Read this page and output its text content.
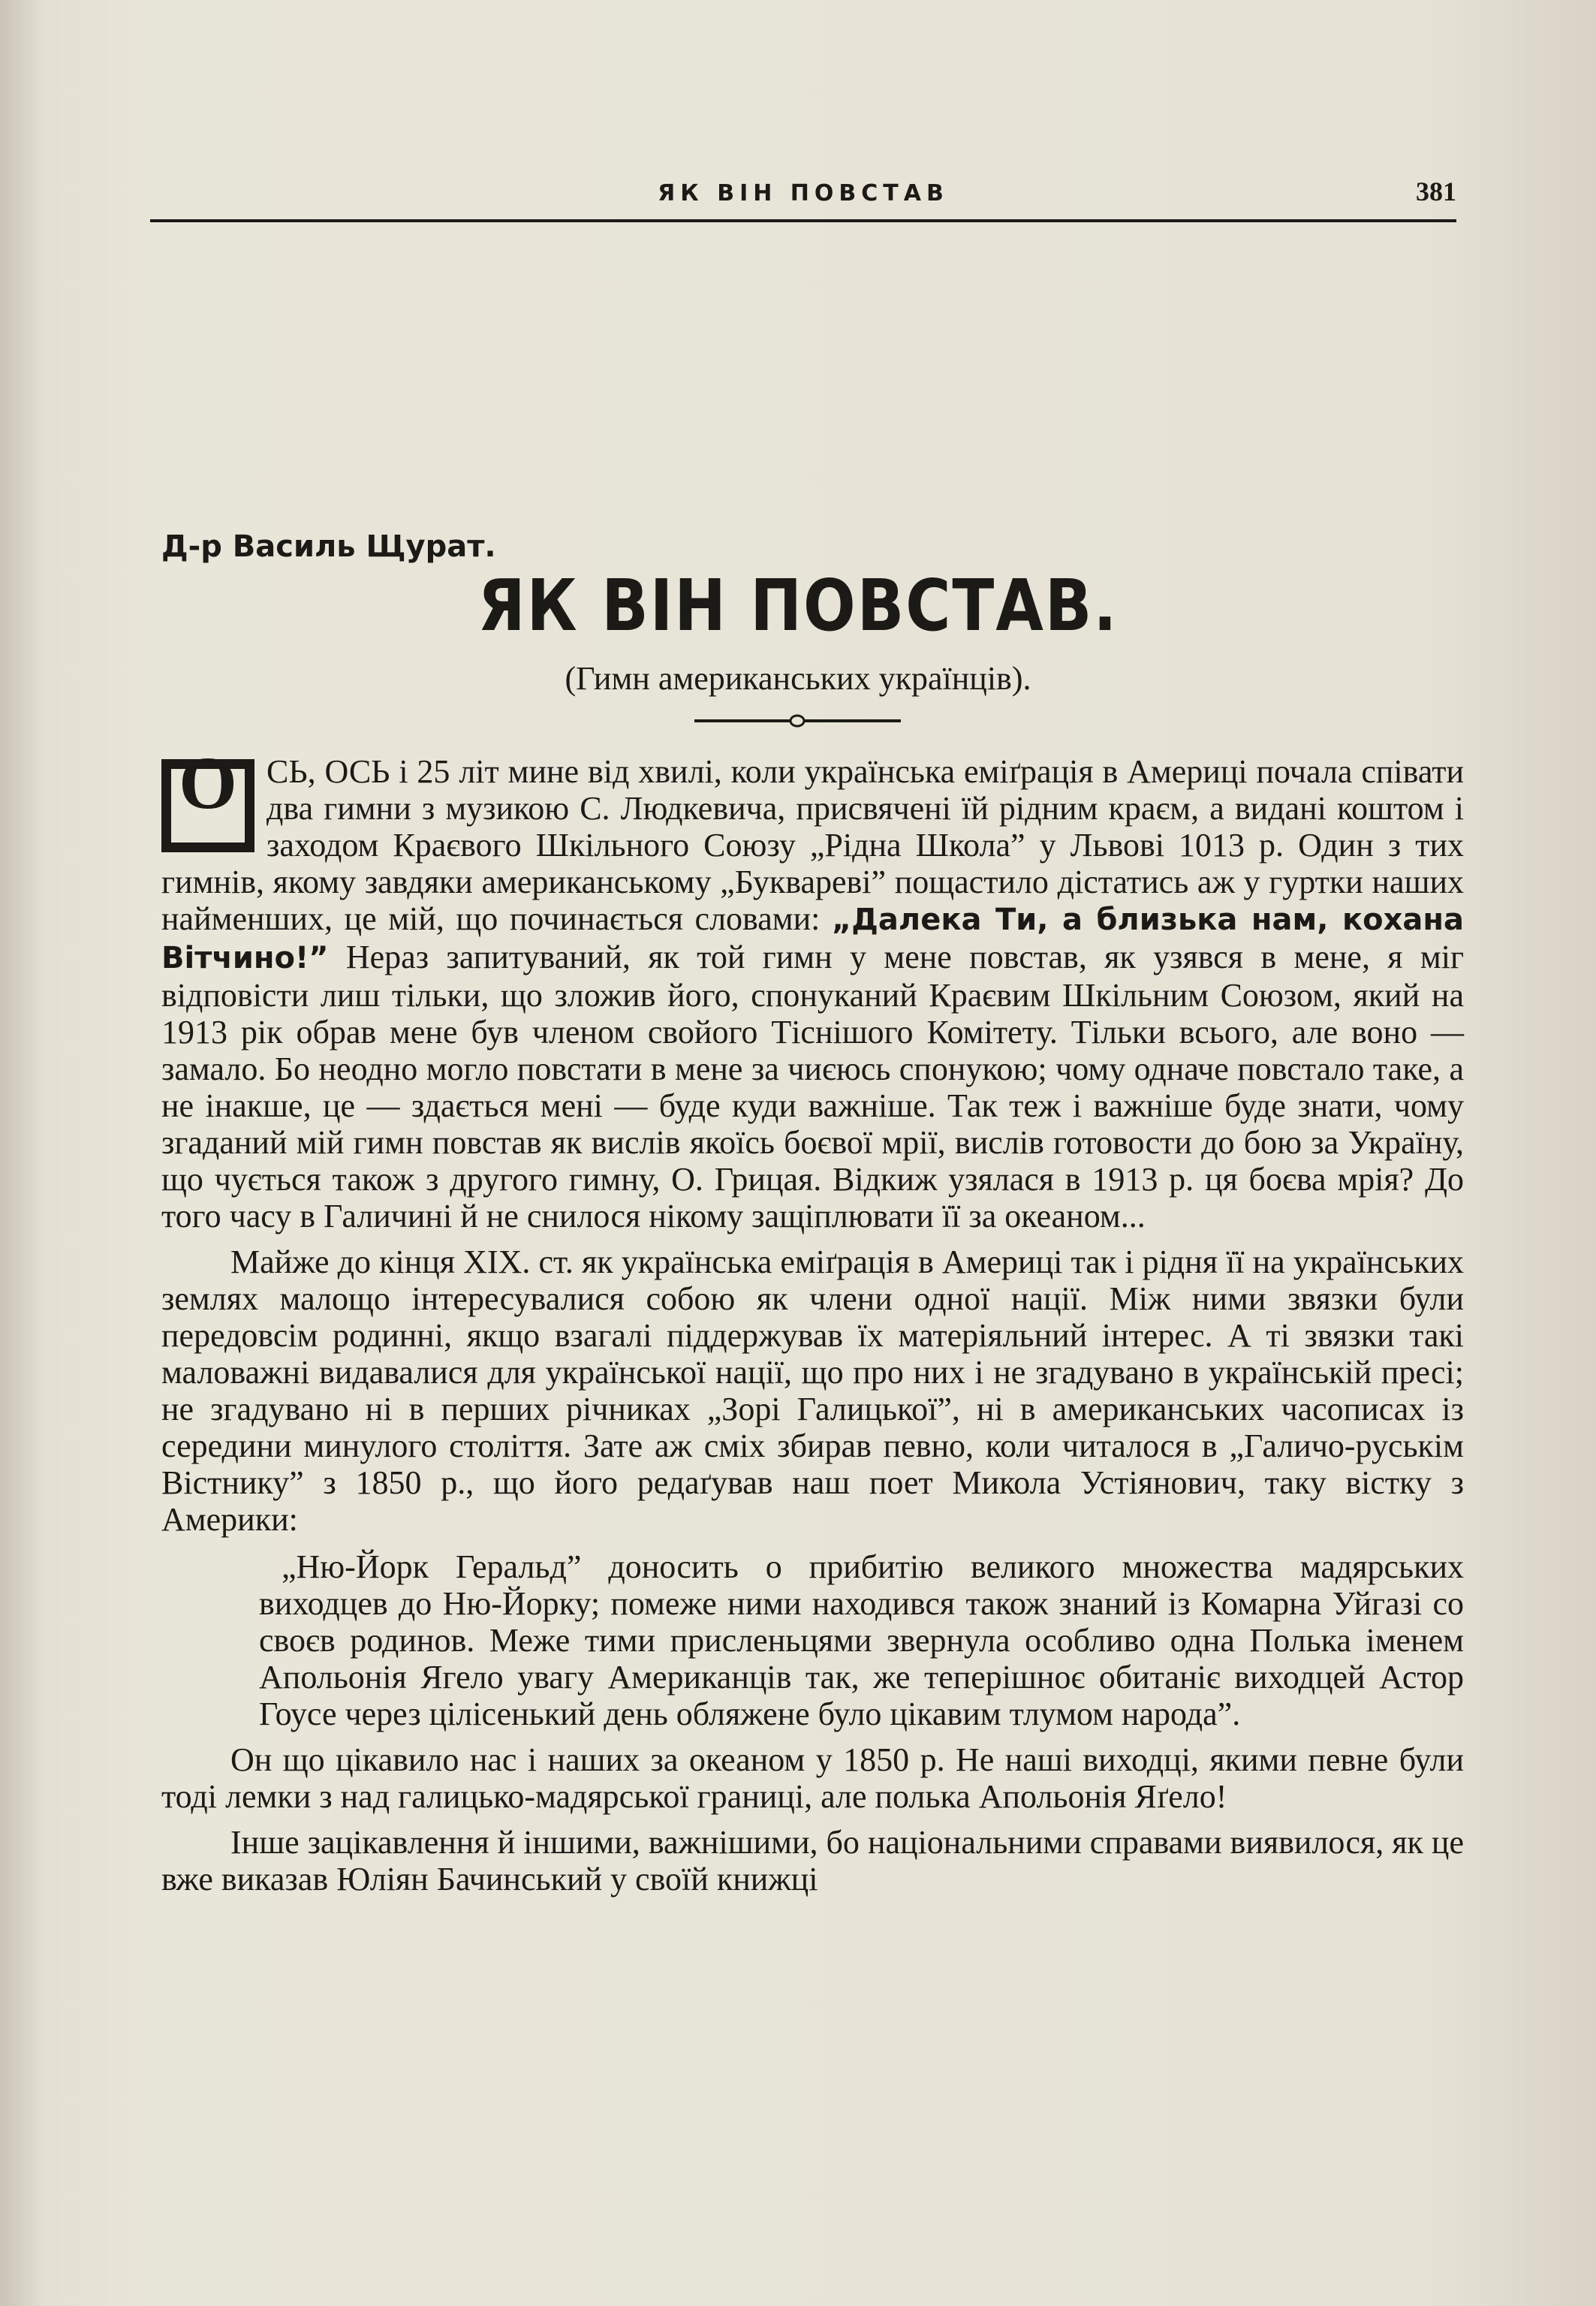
ЯК ВІН ПОВСТАВ	381
Д-р Василь Щурат.
ЯК ВІН ПОВСТАВ.
(Гимн американських українців).

О СЬ, ОСЬ і 25 літ мине від хвилі, коли українська еміґрація в Америці почала співати два гимни з музикою С. Людкевича, присвячені їй рідним краєм, а видані коштом і заходом Краєвого Шкільного Союзу „Рідна Школа” у Львові 1013 р. Один з тих гимнів, якому завдяки американському „Букварeві” пощастило дістатись аж у гуртки наших найменших, це мій, що починається словами: „Далека Ти, а близька нам, кохана Вітчино!” Нераз запитуваний, як той гимн у мене повстав, як узявся в мене, я міг відповісти лиш тільки, що зложив його, спонуканий Краєвим Шкільним Союзом, який на 1913 рік обрав мене був членом свойого Тіснішого Комітету. Тільки всього, але воно — замало. Бо неодно могло повстати в мене за чиєюсь спонукою; чому одначе повстало таке, а не інакше, це — здається мені — буде куди важніше. Так теж і важніше буде знати, чому згаданий мій гимн повстав як вислів якоїсь боєвої мрії, вислів готовости до бою за Україну, що чується також з другого гимну, О. Грицая. Відкиж узялася в 1913 р. ця боєва мрія? До того часу в Галичині й не снилося нікому защіплювати її за океаном...

Майже до кінця ХІХ. ст. як українська еміґрація в Америці так і рідня її на українських землях малощо інтересувалися собою як члени одної нації. Між ними звязки були передовсім родинні, якщо взагалі піддержував їх матеріяльний інтерес. А ті звязки такі маловажні видавалися для української нації, що про них і не згадувано в українській пресі; не згадувано ні в перших річниках „Зорі Галицької”, ні в американських часописах із середини минулого століття. Зате аж сміх збирав певно, коли читалося в „Галичо-руськім Вістнику” з 1850 р., що його редаґував наш поет Микола Устіянович, таку вістку з Америки:

„Ню-Йорк Геральд” доносить о прибитію великого множества мадярських виходцев до Ню-Йорку; помеже ними находився також знаний із Комарна Уйгазі со своєв родинов. Меже тими присленьцями звернула особливо одна Полька іменем Апольонія Ягело увагу Американців так, же теперішноє обитаніє виходцей Астор Гоусе через цілісенький день обляжене було цікавим тлумом народа”.

Он що цікавило нас і наших за океаном у 1850 р. Не наші виходці, якими певне були тоді лемки з над галицько-мадярської границі, але полька Апольонія Яґело!

Інше зацікавлення й іншими, важнішими, бо національними справами виявилося, як це вже виказав Юліян Бачинський у своїй книжці
